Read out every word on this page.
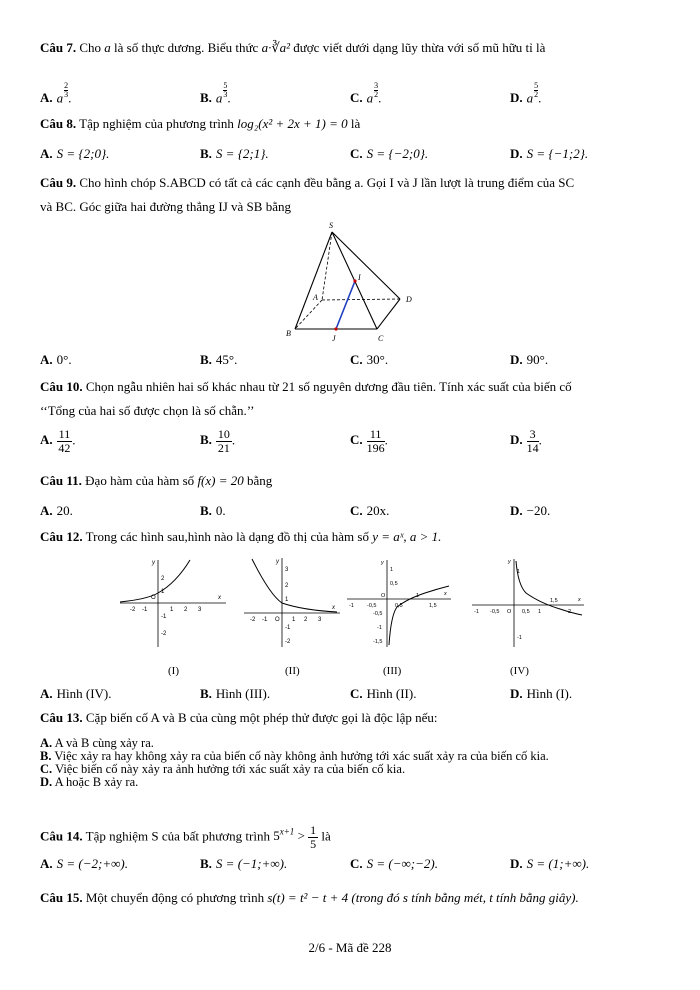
Câu 7. Cho a là số thực dương. Biểu thức a·∛a² được viết dưới dạng lũy thừa với số mũ hữu tỉ là
A. a $\frac{2}{3}$ .	B. a $\frac{5}{3}$ .	C. a $\frac{3}{2}$ .	D. a $\frac{5}{2}$ .
Câu 8. Tập nghiệm của phương trình log₂(x² + 2x + 1) = 0 là
A. S = {2;0}.	B. S = {2;1}.	C. S = {−2;0}.	D. S = {−1;2}.
Câu 9. Cho hình chóp S.ABCD có tất cả các cạnh đều bằng a. Gọi I và J lần lượt là trung điểm của SC
và BC. Góc giữa hai đường thẳng IJ và SB bằng
S
A
B
C
D
I
J
A. 0°.	B. 45°.	C. 30°.	D. 90°.
Câu 10. Chọn ngẫu nhiên hai số khác nhau từ 21 số nguyên dương đầu tiên. Tính xác suất của biến cố
‘‘Tổng của hai số được chọn là số chẵn.’’
A. $\frac{11}{42}$ .	B. $\frac{10}{21}$ .	C. $\frac{11}{196}$ .	D. $\frac{3}{14}$ .
Câu 11. Đạo hàm của hàm số f(x) = 20 bằng
A. 20.	B. 0.	C. 20x.	D. −20.
Câu 12. Trong các hình sau,hình nào là dạng đồ thị của hàm số y = aˣ, a > 1.
x
y
-2 -1
O
1 2 3
2
1
-1
-2
(I)
x
y
-2 -1 O 1 2 3
3
2
1
-1
-2
(II)
x
y
-1 -0,5
O
0,5
1
1,5
1
0,5
-0,5
-1
-1,5
(III)
x
y
-1 -0,5 O 0,5 1
1,5
2
1
-1
(IV)
A. Hình (IV).	B. Hình (III).	C. Hình (II).	D. Hình (I).
Câu 13. Cặp biến cố A và B của cùng một phép thử được gọi là độc lập nếu:
A. A và B cùng xảy ra.
B. Việc xảy ra hay không xảy ra của biến cố này không ảnh hưởng tới xác suất xảy ra của biến cố kia.
C. Việc biến cố này xảy ra ảnh hưởng tới xác suất xảy ra của biến cố kia.
D. A hoặc B xảy ra.
Câu 14. Tập nghiệm S của bất phương trình $5^{x+1} > \frac{1}{5}$ là
A. S = (−2;+∞).	B. S = (−1;+∞).	C. S = (−∞;−2).	D. S = (1;+∞).
Câu 15. Một chuyển động có phương trình s(t) = t² − t + 4 (trong đó s tính bằng mét, t tính bằng giây).
2/6 - Mã đề 228
